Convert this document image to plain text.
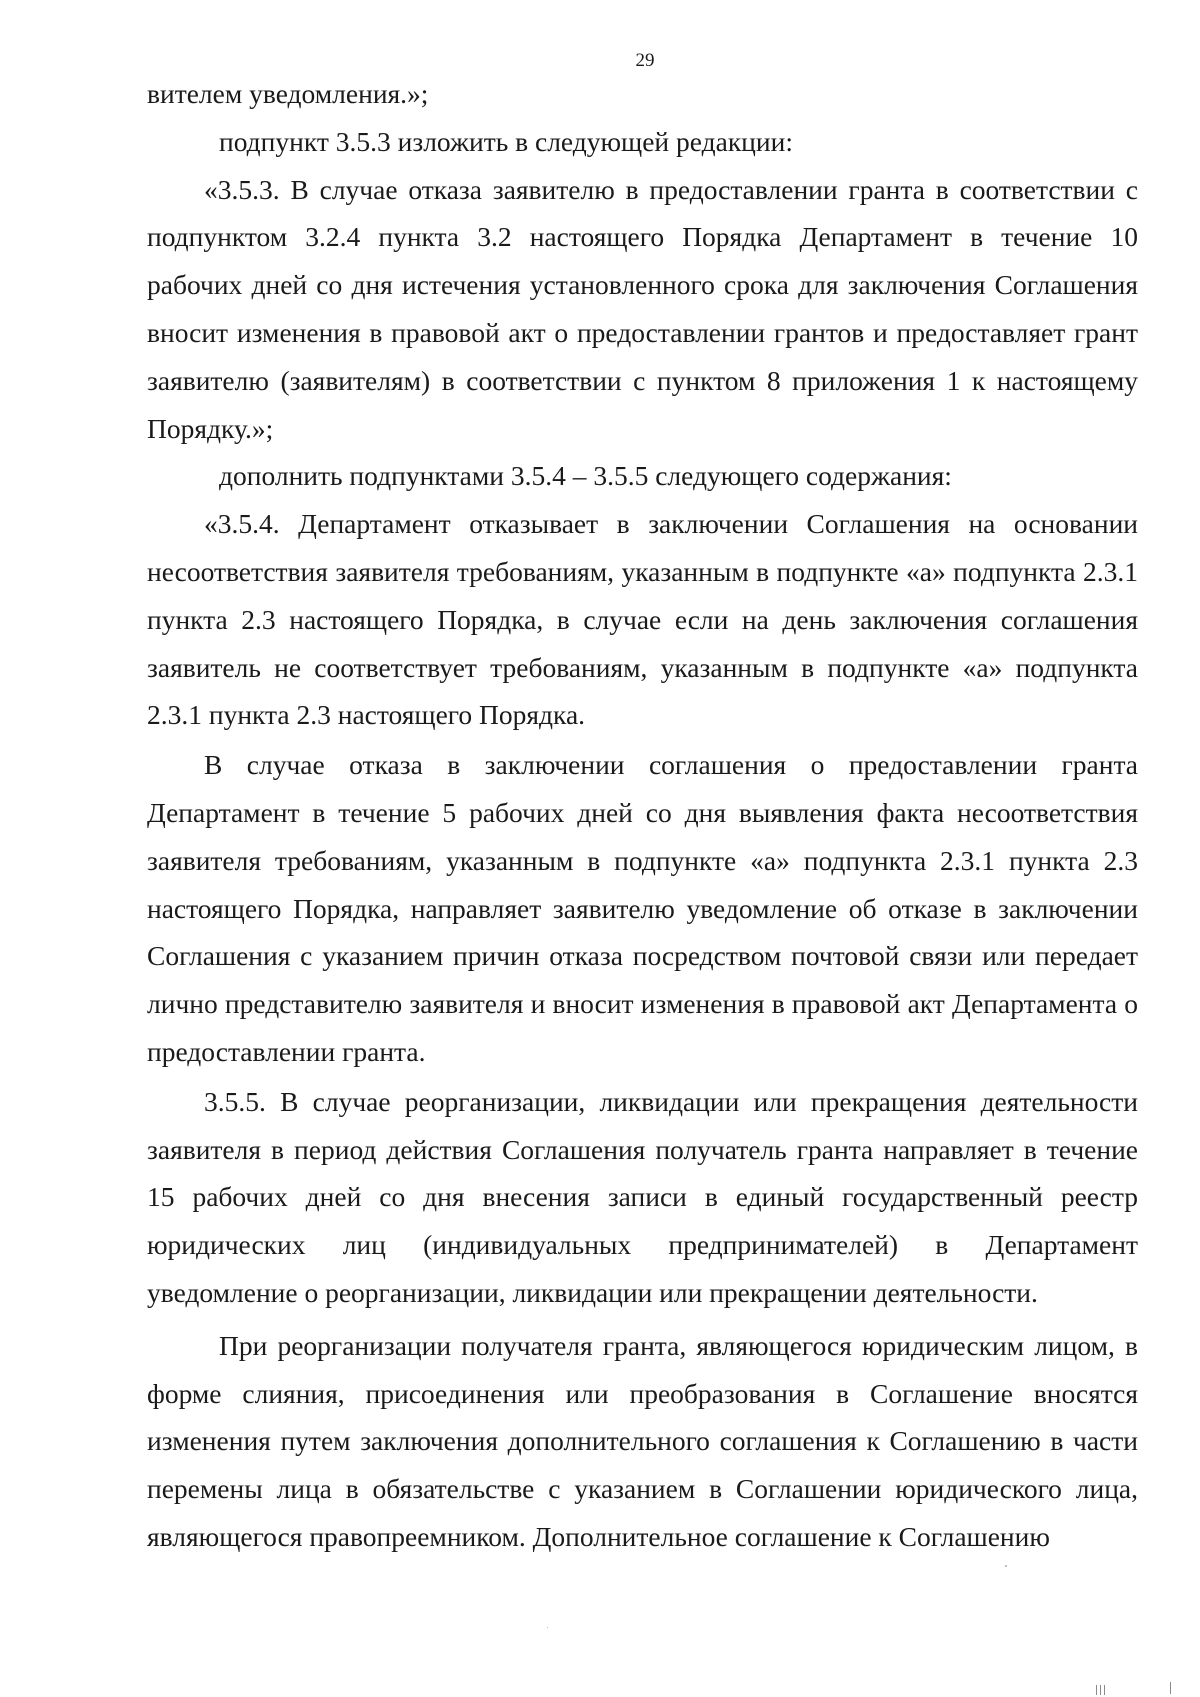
29

вителем уведомления.»;

подпункт 3.5.3 изложить в следующей редакции:

«3.5.3. В случае отказа заявителю в предоставлении гранта в соответствии с подпунктом 3.2.4 пункта 3.2 настоящего Порядка Департамент в течение 10 рабочих дней со дня истечения установленного срока для заключения Соглашения вносит изменения в правовой акт о предоставлении грантов и предоставляет грант заявителю (заявителям) в соответствии с пунктом 8 приложения 1 к настоящему Порядку.»;

дополнить подпунктами 3.5.4 – 3.5.5 следующего содержания:

«3.5.4. Департамент отказывает в заключении Соглашения на основании несоответствия заявителя требованиям, указанным в подпункте «а» подпункта 2.3.1 пункта 2.3 настоящего Порядка, в случае если на день заключения соглашения заявитель не соответствует требованиям, указанным в подпункте «а» подпункта 2.3.1 пункта 2.3 настоящего Порядка.

В случае отказа в заключении соглашения о предоставлении гранта Департамент в течение 5 рабочих дней со дня выявления факта несоответствия заявителя требованиям, указанным в подпункте «а» подпункта 2.3.1 пункта 2.3 настоящего Порядка, направляет заявителю уведомление об отказе в заключении Соглашения с указанием причин отказа посредством почтовой связи или передает лично представителю заявителя и вносит изменения в правовой акт Департамента о предоставлении гранта.

3.5.5. В случае реорганизации, ликвидации или прекращения деятельности заявителя в период действия Соглашения получатель гранта направляет в течение 15 рабочих дней со дня внесения записи в единый государственный реестр юридических лиц (индивидуальных предпринимателей) в Департамент уведомление о реорганизации, ликвидации или прекращении деятельности.

При реорганизации получателя гранта, являющегося юридическим лицом, в форме слияния, присоединения или преобразования в Соглашение вносятся изменения путем заключения дополнительного соглашения к Соглашению в части перемены лица в обязательстве с указанием в Соглашении юридического лица, являющегося правопреемником. Дополнительное соглашение к Соглашению
